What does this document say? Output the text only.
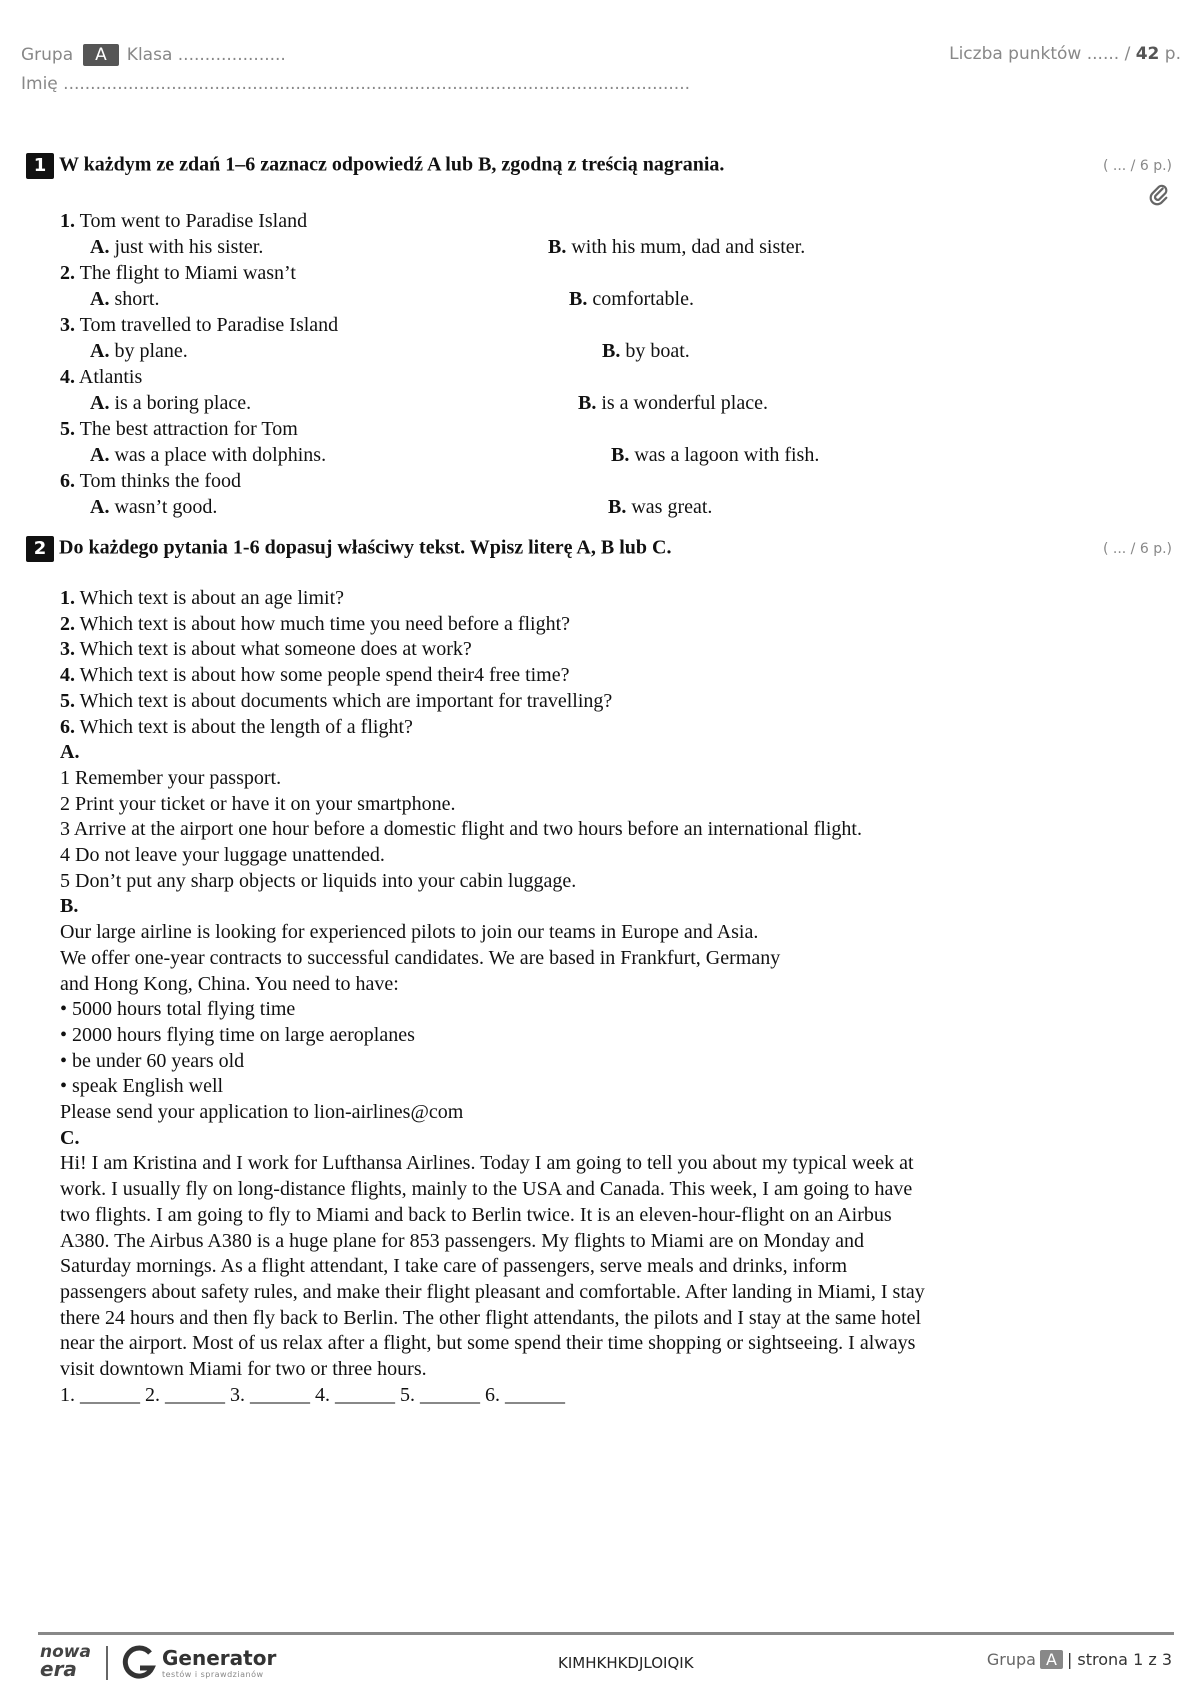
Grupa A Klasa ....................
Imię ....................................................................................................................
Liczba punktów ...... / 42 p.
1 W każdym ze zdań 1–6 zaznacz odpowiedź A lub B, zgodną z treścią nagrania.	( ... / 6 p.)
1. Tom went to Paradise Island
A. just with his sister.	B. with his mum, dad and sister.
2. The flight to Miami wasn’t
A. short.	B. comfortable.
3. Tom travelled to Paradise Island
A. by plane.	B. by boat.
4. Atlantis
A. is a boring place.	B. is a wonderful place.
5. The best attraction for Tom
A. was a place with dolphins.	B. was a lagoon with fish.
6. Tom thinks the food
A. wasn’t good.	B. was great.
2 Do każdego pytania 1-6 dopasuj właściwy tekst. Wpisz literę A, B lub C.	( ... / 6 p.)
1. Which text is about an age limit?
2. Which text is about how much time you need before a flight?
3. Which text is about what someone does at work?
4. Which text is about how some people spend their4 free time?
5. Which text is about documents which are important for travelling?
6. Which text is about the length of a flight?
A.
1 Remember your passport.
2 Print your ticket or have it on your smartphone.
3 Arrive at the airport one hour before a domestic flight and two hours before an international flight.
4 Do not leave your luggage unattended.
5 Don’t put any sharp objects or liquids into your cabin luggage.
B.
Our large airline is looking for experienced pilots to join our teams in Europe and Asia.
We offer one-year contracts to successful candidates. We are based in Frankfurt, Germany
and Hong Kong, China. You need to have:
• 5000 hours total flying time
• 2000 hours flying time on large aeroplanes
• be under 60 years old
• speak English well
Please send your application to lion-airlines@com
C.
Hi! I am Kristina and I work for Lufthansa Airlines. Today I am going to tell you about my typical week at
work. I usually fly on long-distance flights, mainly to the USA and Canada. This week, I am going to have
two flights. I am going to fly to Miami and back to Berlin twice. It is an eleven-hour-flight on an Airbus
A380. The Airbus A380 is a huge plane for 853 passengers. My flights to Miami are on Monday and
Saturday mornings. As a flight attendant, I take care of passengers, serve meals and drinks, inform
passengers about safety rules, and make their flight pleasant and comfortable. After landing in Miami, I stay
there 24 hours and then fly back to Berlin. The other flight attendants, the pilots and I stay at the same hotel
near the airport. Most of us relax after a flight, but some spend their time shopping or sightseeing. I always
visit downtown Miami for two or three hours.
1. ______ 2. ______ 3. ______ 4. ______ 5. ______ 6. ______
nowa
era	Generator
testów i sprawdzianów
KIMHKHKDJLOIQIK	Grupa A | strona 1 z 3
